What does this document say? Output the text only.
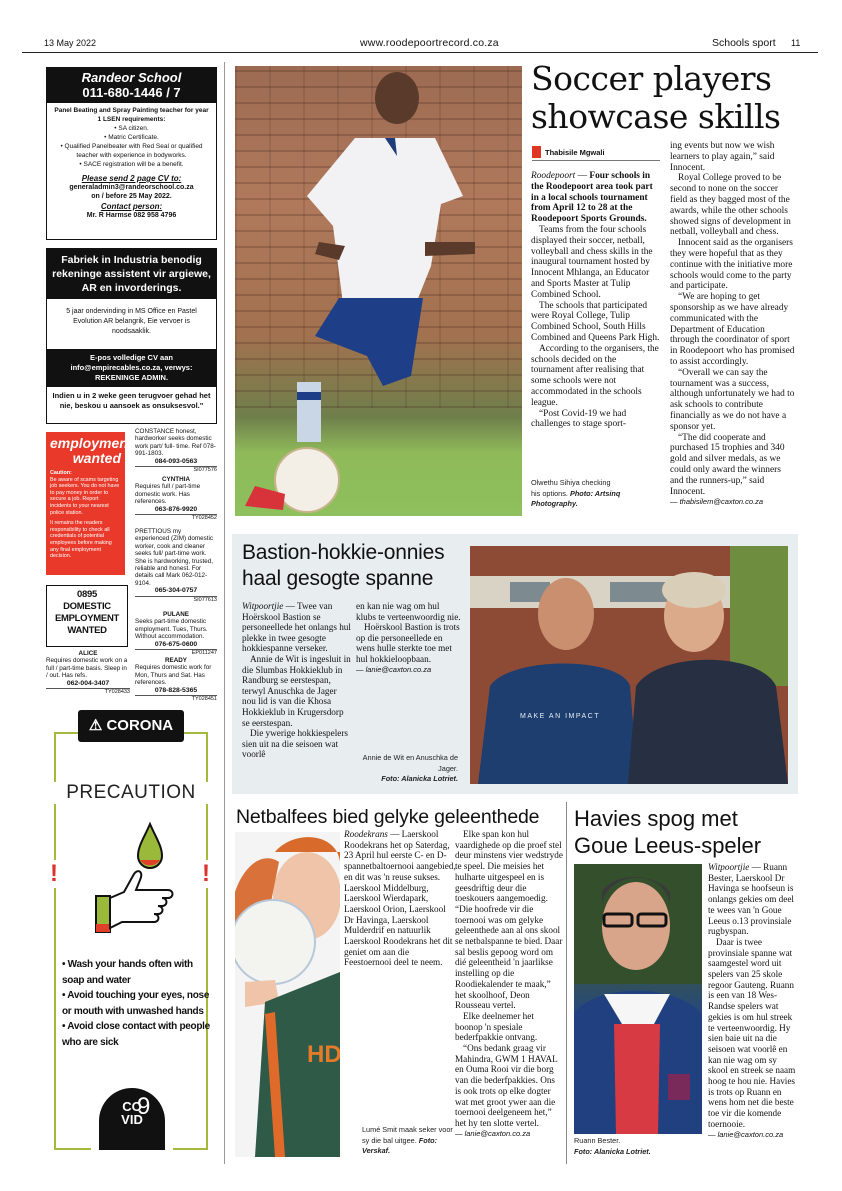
13 May 2022	www.roodepoortrecord.co.za	Schools sport 11
Randeor School
011-680-1446 / 7
Panel Beating and Spray Painting teacher for year 1 LSEN requirements:
• SA citizen.
• Matric Certificate.
• Qualified Panelbeater with Red Seal or qualified teacher with experience in bodyworks.
• SACE registration will be a benefit.
Please send 2 page CV to:
generaladmin3@randeorschool.co.za
on / before 25 May 2022.
Contact person:
Mr. R Harmse 082 958 4796
Fabriek in Industria benodig rekeninge assistent vir argiewe, AR en invorderings.
5 jaar ondervinding in MS Office en Pastel Evolution AR belangrik, Eie vervoer is noodsaaklik.
E-pos volledige CV aan info@empirecables.co.za, verwys: REKENINGE ADMIN.
Indien u in 2 weke geen terugvoer gehad het nie, beskou u aansoek as onsuksesvol."
employment
wanted
Caution:
Be aware of scams targeting job seekers. You do not have to pay money in order to secure a job. Report incidents to your nearest police station.
It remains the readers responsibility to check all credentials of potential employees before making any final employment decision.
0895
DOMESTIC
EMPLOYMENT
WANTED
CONSTANCE honest, hardworker seeks domestic work part/ full- time. Ref 078-991-1803.
084-093-0563
SI077576
CYNTHIA
Requires full / part-time domestic work. Has references.
063-876-9920
TY028452
PRETTIOUS my experienced (ZIM) domestic worker, cook and cleaner seeks full/ part-time work. She is hardworking, trusted, reliable and honest. For details call Mark 062-012-9104.
065-304-0757
SI077613
PULANE
Seeks part-time domestic employment. Tues, Thurs. Without accommodation.
076-675-0600
EP011247
ALICE
Requires domestic work on a full / part-time basis. Sleep in / out. Has refs.
062-004-3407
TY028433
READY
Requires domestic work for Mon, Thurs and Sat. Has references.
078-828-5365
TY028451
⚠ CORONA
PRECAUTION
!	!
• Wash your hands often with soap and water
• Avoid touching your eyes, nose or mouth with unwashed hands
• Avoid close contact with people who are sick
CO
9

VID
Soccer players
showcase skills
Thabisile Mgwali

Roodepoort — Four schools in the Roodepoort area took part in a local schools tournament from April 12 to 28 at the Roodepoort Sports Grounds.

Teams from the four schools displayed their soccer, netball, volleyball and chess skills in the inaugural tournament hosted by Innocent Mhlanga, an Educator and Sports Master at Tulip Combined School.

The schools that participated were Royal College, Tulip Combined School, South Hills Combined and Queens Park High.

According to the organisers, the schools decided on the tournament after realising that some schools were not accommodated in the schools league.

“Post Covid-19 we had challenges to stage sport-

Olwethu Sihiya checking his options. Photo: Artsinq Photography.

ing events but now we wish learners to play again,” said Innocent.

Royal College proved to be second to none on the soccer field as they bagged most of the awards, while the other schools showed signs of development in netball, volleyball and chess.

Innocent said as the organisers they were hopeful that as they continue with the initiative more schools would come to the party and participate.

“We are hoping to get sponsorship as we have already communicated with the Department of Education through the coordinator of sport in Roodepoort who has promised to assist accordingly.

“Overall we can say the tournament was a success, although unfortunately we had to ask schools to contribute financially as we do not have a sponsor yet.

“The did cooperate and purchased 15 trophies and 340 gold and silver medals, as we could only award the winners and the runners-up,” said Innocent.

— thabisilem@caxton.co.za
Bastion-hokkie-onnies
haal gesogte spanne

Witpoortjie — Twee van Hoërskool Bastion se personeellede het onlangs hul plekke in twee gesogte hokkiespanne verseker.

Annie de Wit is ingesluit in die Slumbas Hokkieklub in Randburg se eerstespan, terwyl Anuschka de Jager nou lid is van die Khosa Hokkieklub in Krugersdorp se eerstespan.

Die ywerige hokkiespelers sien uit na die seisoen wat voorlê

en kan nie wag om hul klubs te verteenwoordig nie.

Hoërskool Bastion is trots op die personeellede en wens hulle sterkte toe met hul hokkieloopbaan.

— lanie@caxton.co.za
Annie de Wit en Anuschka de Jager.
Foto: Alanicka Lotriet.
MAKE AN IMPACT
Netbalfees bied gelyke geleenthede
HD

Roodekrans — Laerskool Roodekrans het op Saterdag, 23 April hul eerste C- en D-spannetbaltoernooi aangebied, en dit was 'n reuse sukses. Laerskool Middelburg, Laerskool Wierdapark, Laerskool Orion, Laerskool Dr Havinga, Laerskool Mulderdrif en natuurlik Laerskool Roodekrans het dit geniet om aan die Feestoernooi deel te neem.

Lumé Smit maak seker voor sy die bal uitgee. Foto: Verskaf.

Elke span kon hul vaardighede op die proef stel deur minstens vier wedstryde te speel. Die meisies het hulharte uitgespeel en is geesdriftig deur die toeskouers aangemoedig. “Die hoofrede vir die toernooi was om gelyke geleenthede aan al ons skool se netbalspanne te bied. Daar sal beslis gepoog word om dié geleentheid 'n jaarlikse instelling op die Roodiekalender te maak,” het skoolhoof, Deon Rousseau vertel.

Elke deelnemer het boonop 'n spesiale bederfpakkie ontvang.

“Ons bedank graag vir Mahindra, GWM 1 HAVAL en Ouma Rooi vir die borg van die bederfpakkies. Ons is ook trots op elke dogter wat met groot ywer aan die toernooi deelgeneem het,” het hy ten slotte vertel.

— lanie@caxton.co.za
Havies spog met
Goue Leeus-speler
Ruann Bester.
Foto: Alanicka Lotriet.

Witpoortjie — Ruann Bester, Laerskool Dr Havinga se hoofseun is onlangs gekies om deel te wees van 'n Goue Leeus o.13 provinsiale rugbyspan.

Daar is twee provinsiale spanne wat saamgestel word uit spelers van 25 skole regoor Gauteng. Ruann is een van 18 Wes-Randse spelers wat gekies is om hul streek te verteenwoordig. Hy sien baie uit na die seisoen wat voorlê en kan nie wag om sy skool en streek se naam hoog te hou nie. Havies is trots op Ruann en wens hom net die beste toe vir die komende toernooie.

— lanie@caxton.co.za
